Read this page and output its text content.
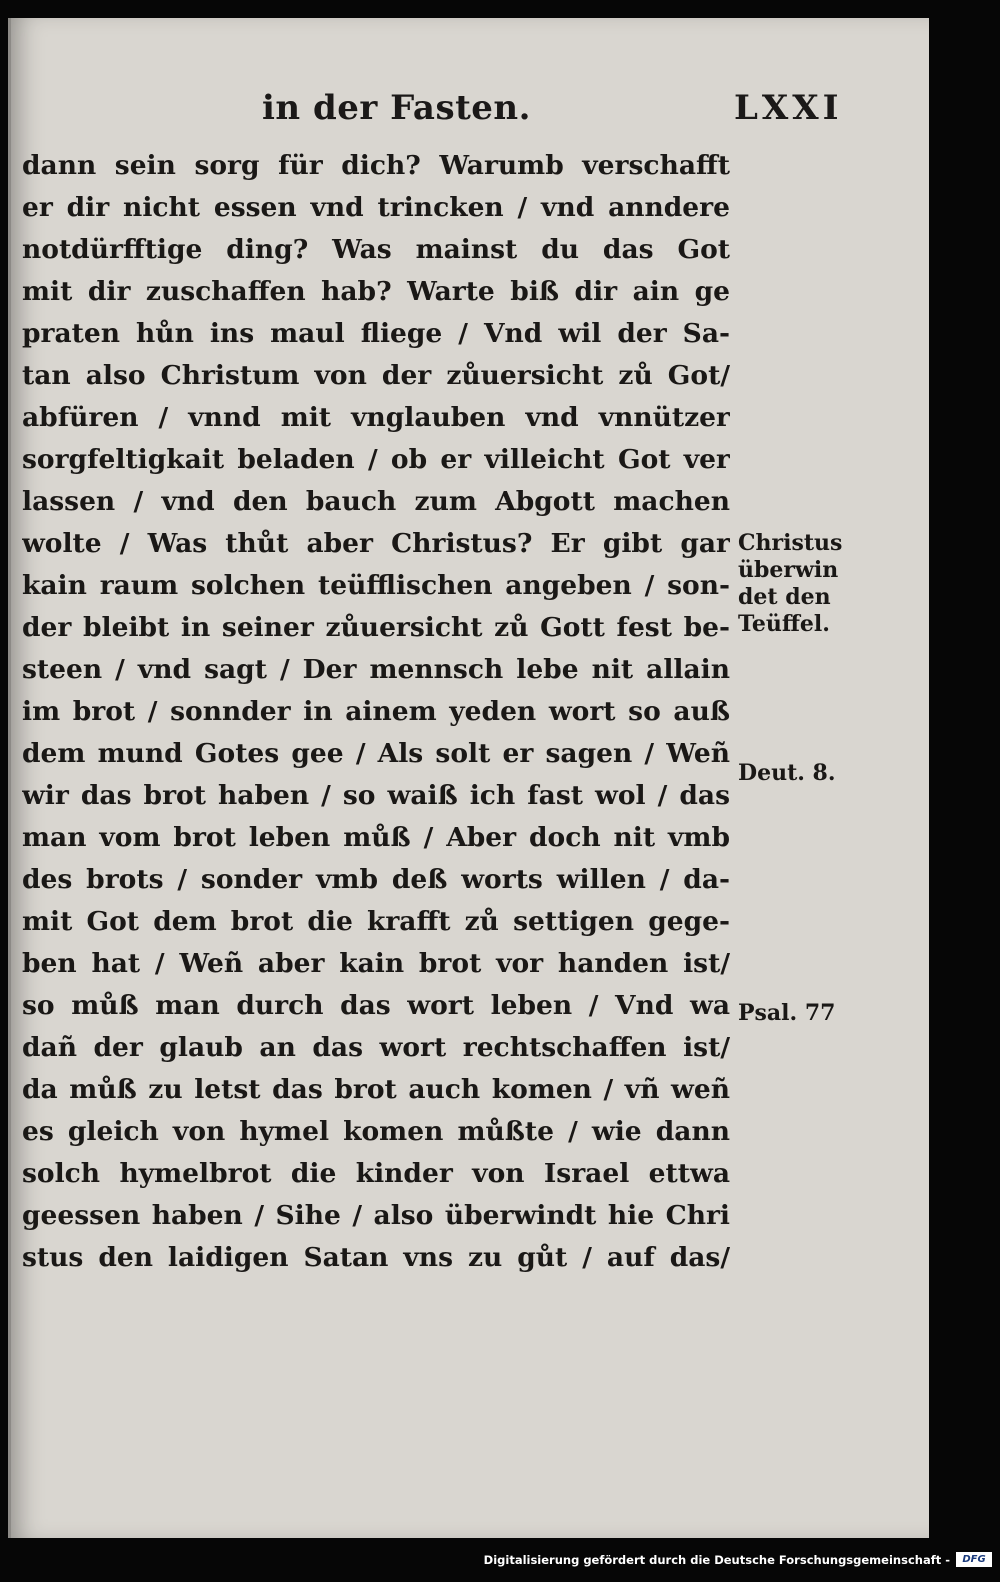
in der Fasten.	LXXI
dann sein sorg für dich? Warumb verschafft
er dir nicht essen vnd trincken / vnd anndere
notdürfftige ding? Was mainst du das Got
mit dir zuschaffen hab? Warte biß dir ain ge
praten hůn ins maul fliege / Vnd wil der Sa-
tan also Christum von der zůuersicht zů Got/
abfüren / vnnd mit vnglauben vnd vnnützer
sorgfeltigkait beladen / ob er villeicht Got ver
lassen / vnd den bauch zum Abgott machen
wolte / Was thůt aber Christus? Er gibt gar
kain raum solchen teüfflischen angeben / son-
der bleibt in seiner zůuersicht zů Gott fest be-
steen / vnd sagt / Der mennsch lebe nit allain
im brot / sonnder in ainem yeden wort so auß
dem mund Gotes gee / Als solt er sagen / Weñ
wir das brot haben / so waiß ich fast wol / das
man vom brot leben můß / Aber doch nit vmb
des brots / sonder vmb deß worts willen / da-
mit Got dem brot die krafft zů settigen gege-
ben hat / Weñ aber kain brot vor handen ist/
so můß man durch das wort leben / Vnd wa
dañ der glaub an das wort rechtschaffen ist/
da můß zu letst das brot auch komen / vñ weñ
es gleich von hymel komen můßte / wie dann
solch hymelbrot die kinder von Israel ettwa
geessen haben / Sihe / also überwindt hie Chri
stus den laidigen Satan vns zu gůt / auf das/
Christus
überwin
det den
Teüffel.
Deut. 8.
Psal. 77
Digitalisierung gefördert durch die Deutsche Forschungsgemeinschaft -	DFG
